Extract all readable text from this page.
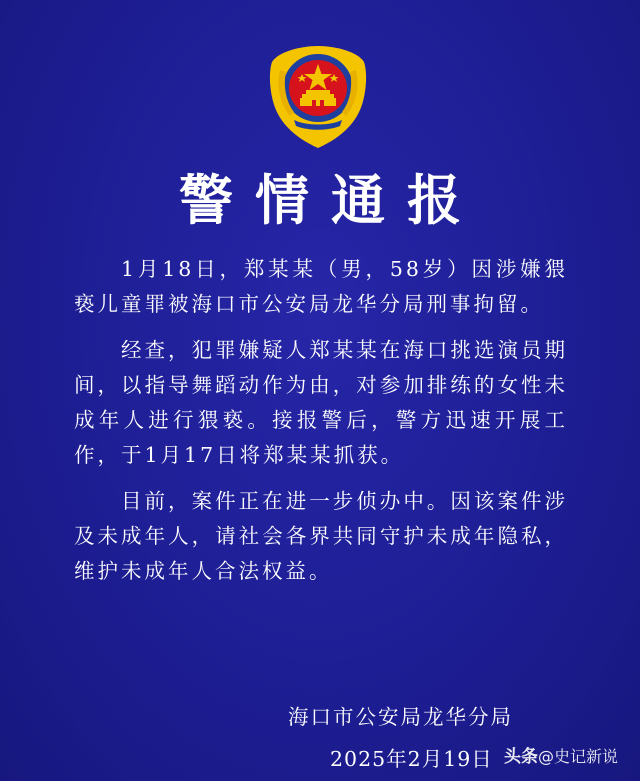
警情通报

1月18日，郑某某（男，58岁）因涉嫌猥亵儿童罪被海口市公安局龙华分局刑事拘留。

经查，犯罪嫌疑人郑某某在海口挑选演员期间，以指导舞蹈动作为由，对参加排练的女性未成年人进行猥亵。接报警后，警方迅速开展工作，于1月17日将郑某某抓获。

目前，案件正在进一步侦办中。因该案件涉及未成年人，请社会各界共同守护未成年隐私，维护未成年人合法权益。

海口市公安局龙华分局
2025年2月19日 头条@史记新说
